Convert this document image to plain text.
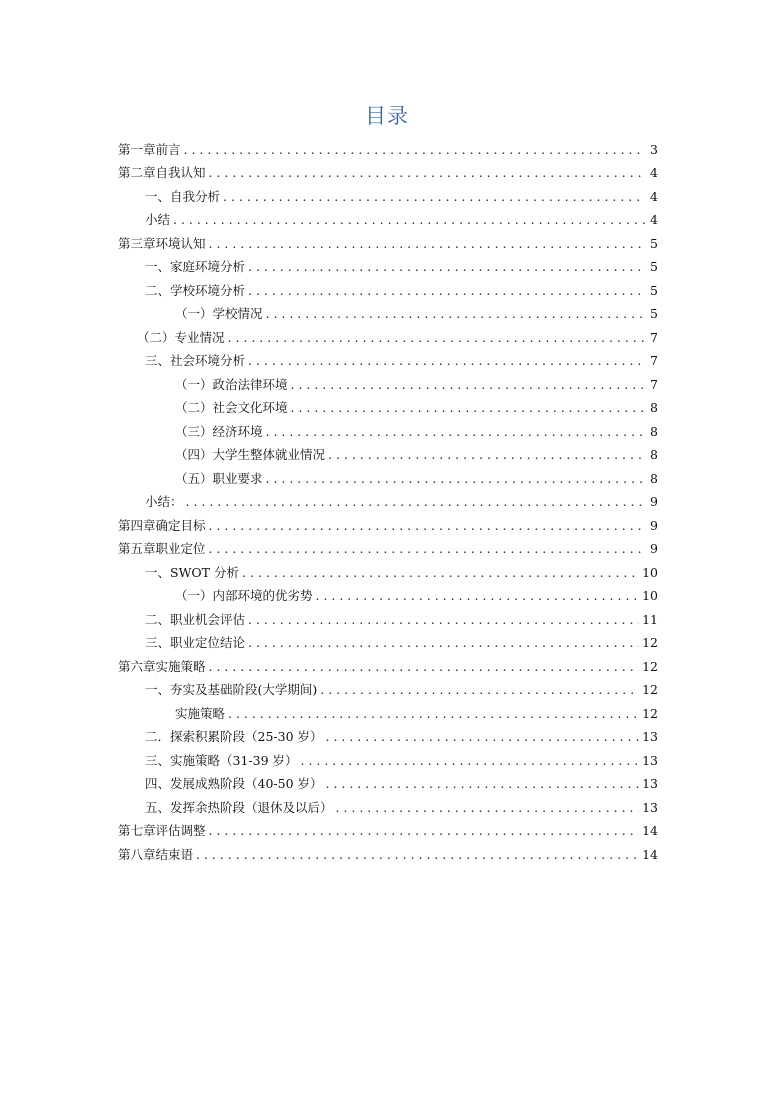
目录
第一章前言 . . .	3
第二章自我认知 . . .	4
一、自我分析 . . .	4
小结 . . .	4
第三章环境认知 . . .	5
一、家庭环境分析 . . .	5
二、学校环境分析 . . .	5
（一）学校情况 . . .	5
（二）专业情况 . . .	7
三、社会环境分析 . . .	7
（一）政治法律环境 . . .	7
（二）社会文化环境 . . .	8
（三）经济环境 . . .	8
（四）大学生整体就业情况 . . .	8
（五）职业要求 . . .	8
小结： . . .	9
第四章确定目标 . . .	9
第五章职业定位 . . .	9
一、SWOT 分析 . . .	10
（一）内部环境的优劣势 . . .	10
二、职业机会评估 . . .	11
三、职业定位结论 . . .	12
第六章实施策略 . . .	12
一、夯实及基础阶段(大学期间) . . .	12
实施策略 . . .	12
二．探索积累阶段（25-30 岁） . . .	13
三、实施策略（31-39 岁） . . .	13
四、发展成熟阶段（40-50 岁） . . .	13
五、发挥余热阶段（退休及以后） . . .	13
第七章评估调整 . . .	14
第八章结束语 . . .	14
